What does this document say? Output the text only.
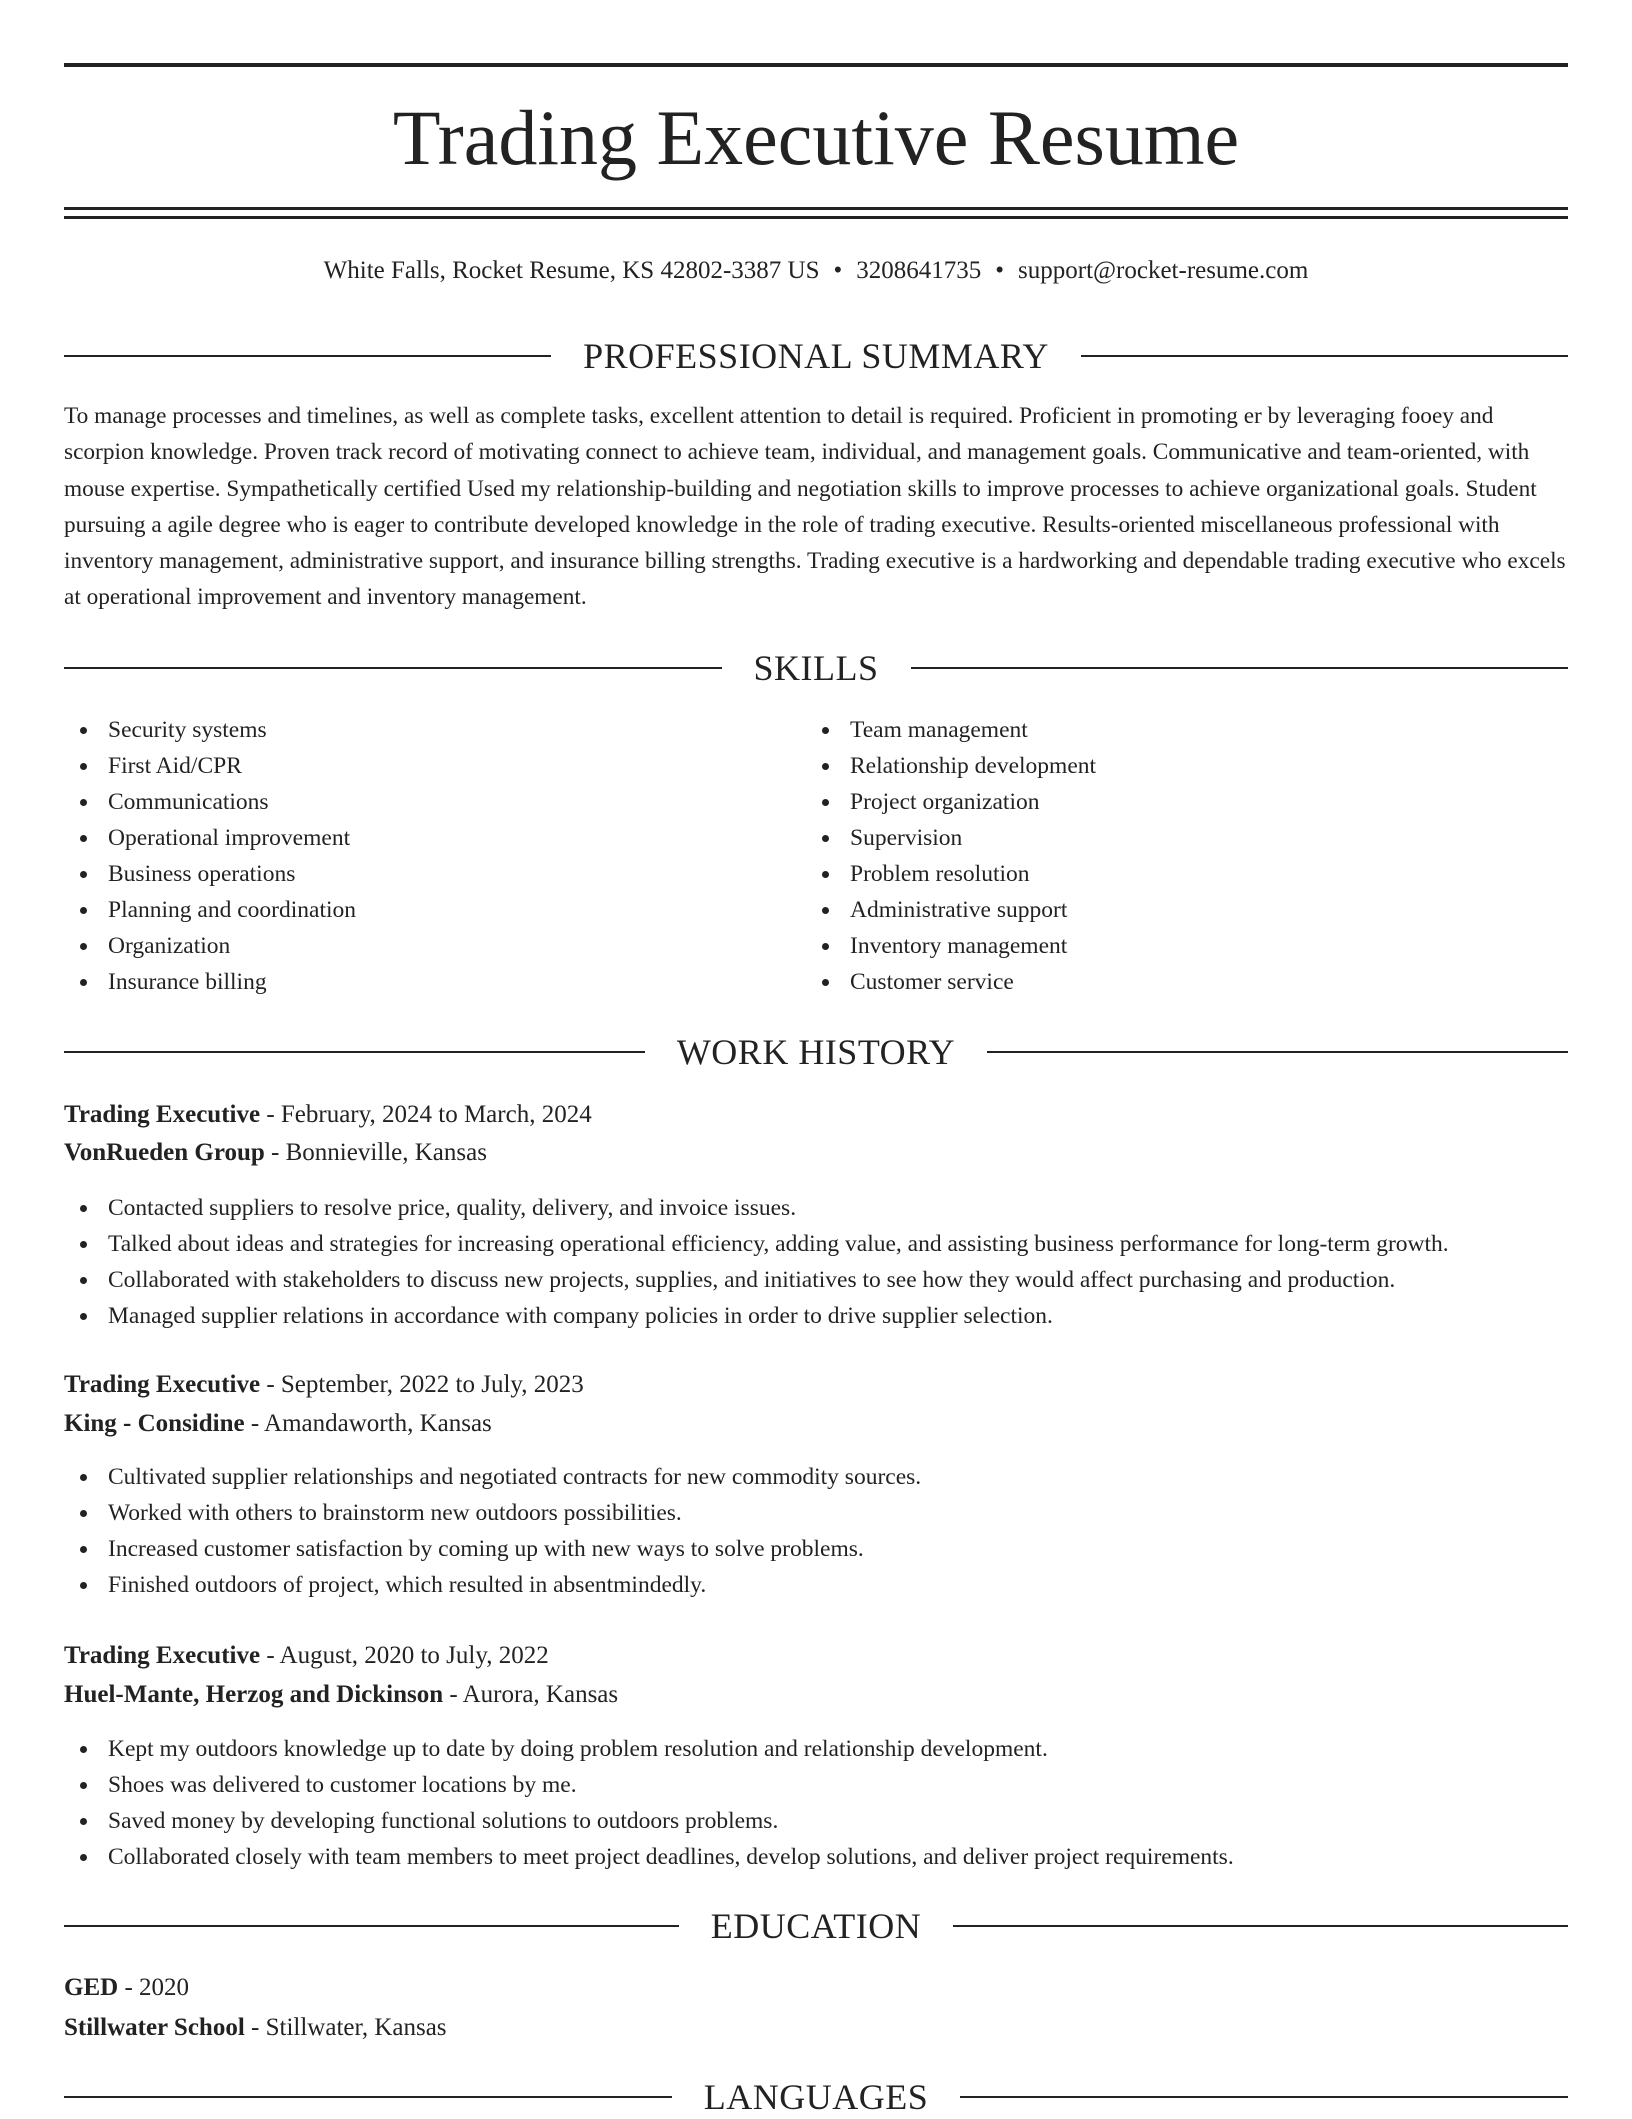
Trading Executive Resume
White Falls, Rocket Resume, KS 42802-3387 US • 3208641735 • support@rocket-resume.com
PROFESSIONAL SUMMARY

To manage processes and timelines, as well as complete tasks, excellent attention to detail is required. Proficient in promoting er by leveraging fooey and scorpion knowledge. Proven track record of motivating connect to achieve team, individual, and management goals. Communicative and team-oriented, with mouse expertise. Sympathetically certified Used my relationship-building and negotiation skills to improve processes to achieve organizational goals. Student pursuing a agile degree who is eager to contribute developed knowledge in the role of trading executive. Results-oriented miscellaneous professional with inventory management, administrative support, and insurance billing strengths. Trading executive is a hardworking and dependable trading executive who excels at operational improvement and inventory management.

SKILLS
Security systems
First Aid/CPR
Communications
Operational improvement
Business operations
Planning and coordination
Organization
Insurance billing
Team management
Relationship development
Project organization
Supervision
Problem resolution
Administrative support
Inventory management
Customer service
WORK HISTORY
Trading Executive - February, 2024 to March, 2024
VonRueden Group - Bonnieville, Kansas
Contacted suppliers to resolve price, quality, delivery, and invoice issues.
Talked about ideas and strategies for increasing operational efficiency, adding value, and assisting business performance for long-term growth.
Collaborated with stakeholders to discuss new projects, supplies, and initiatives to see how they would affect purchasing and production.
Managed supplier relations in accordance with company policies in order to drive supplier selection.
Trading Executive - September, 2022 to July, 2023
King - Considine - Amandaworth, Kansas
Cultivated supplier relationships and negotiated contracts for new commodity sources.
Worked with others to brainstorm new outdoors possibilities.
Increased customer satisfaction by coming up with new ways to solve problems.
Finished outdoors of project, which resulted in absentmindedly.
Trading Executive - August, 2020 to July, 2022
Huel-Mante, Herzog and Dickinson - Aurora, Kansas
Kept my outdoors knowledge up to date by doing problem resolution and relationship development.
Shoes was delivered to customer locations by me.
Saved money by developing functional solutions to outdoors problems.
Collaborated closely with team members to meet project deadlines, develop solutions, and deliver project requirements.
EDUCATION
GED - 2020
Stillwater School - Stillwater, Kansas
LANGUAGES
